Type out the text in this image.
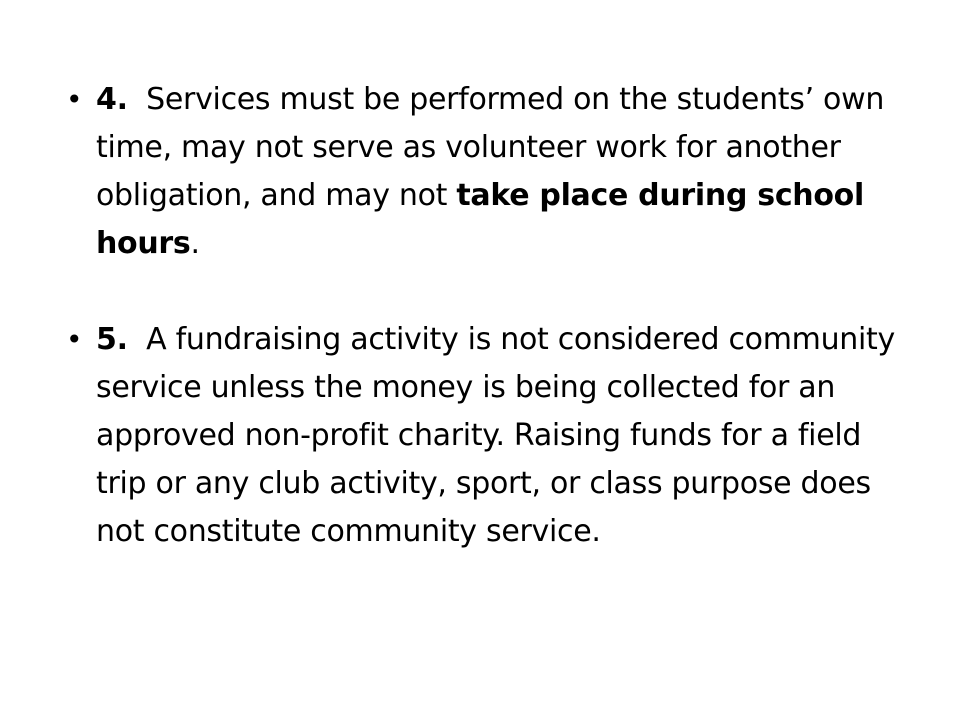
• 4.  Services must be performed on the students’ own time, may not serve as volunteer work for another obligation, and may not take place during school hours.
• 5.  A fundraising activity is not considered community service unless the money is being collected for an approved non-profit charity. Raising funds for a field trip or any club activity, sport, or class purpose does not constitute community service.
